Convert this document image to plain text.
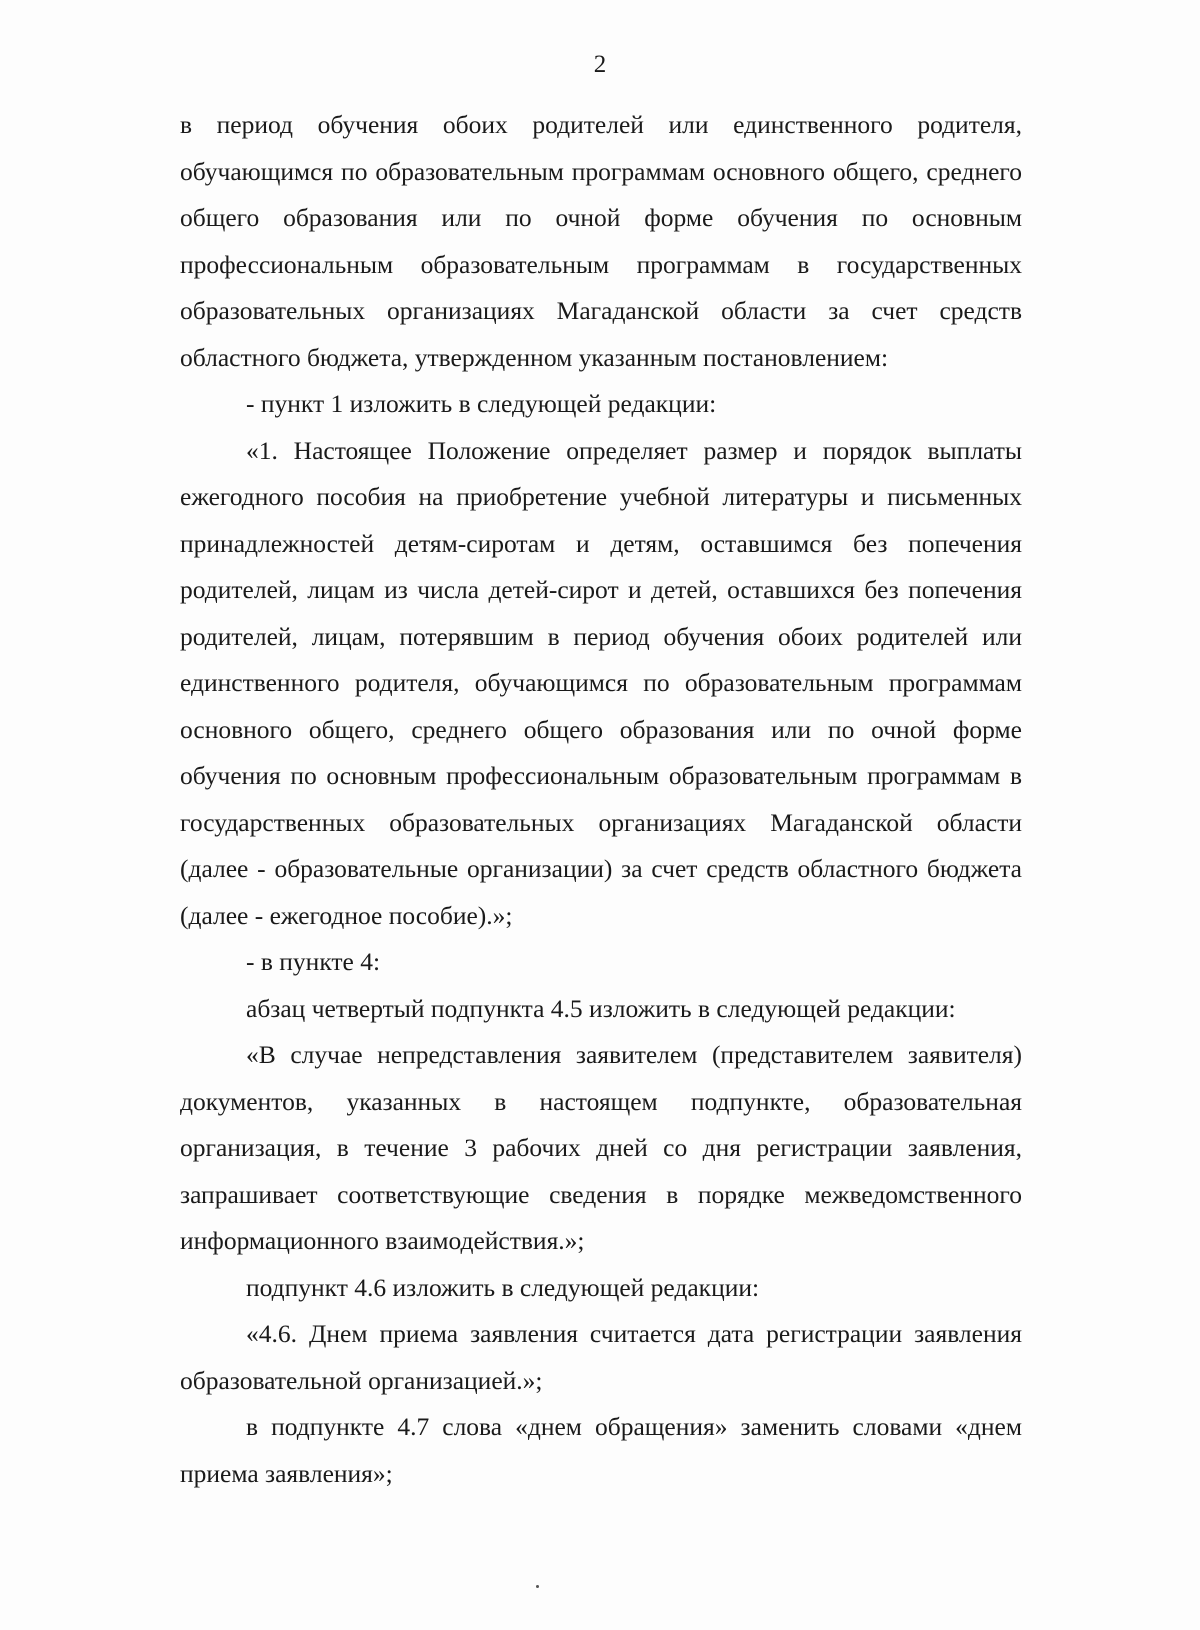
2

в период обучения обоих родителей или единственного родителя, обучающимся по образовательным программам основного общего, среднего общего образования или по очной форме обучения по основным профессиональным образовательным программам в государственных образовательных организациях Магаданской области за счет средств областного бюджета, утвержденном указанным постановлением:

- пункт 1 изложить в следующей редакции:

«1. Настоящее Положение определяет размер и порядок выплаты ежегодного пособия на приобретение учебной литературы и письменных принадлежностей детям-сиротам и детям, оставшимся без попечения родителей, лицам из числа детей-сирот и детей, оставшихся без попечения родителей, лицам, потерявшим в период обучения обоих родителей или единственного родителя, обучающимся по образовательным программам основного общего, среднего общего образования или по очной форме обучения по основным профессиональным образовательным программам в государственных образовательных организациях Магаданской области (далее - образовательные организации) за счет средств областного бюджета (далее - ежегодное пособие).»;

- в пункте 4:

абзац четвертый подпункта 4.5 изложить в следующей редакции:

«В случае непредставления заявителем (представителем заявителя) документов, указанных в настоящем подпункте, образовательная организация, в течение 3 рабочих дней со дня регистрации заявления, запрашивает соответствующие сведения в порядке межведомственного информационного взаимодействия.»;

подпункт 4.6 изложить в следующей редакции:

«4.6. Днем приема заявления считается дата регистрации заявления образовательной организацией.»;

в подпункте 4.7 слова «днем обращения» заменить словами «днем приема заявления»;
